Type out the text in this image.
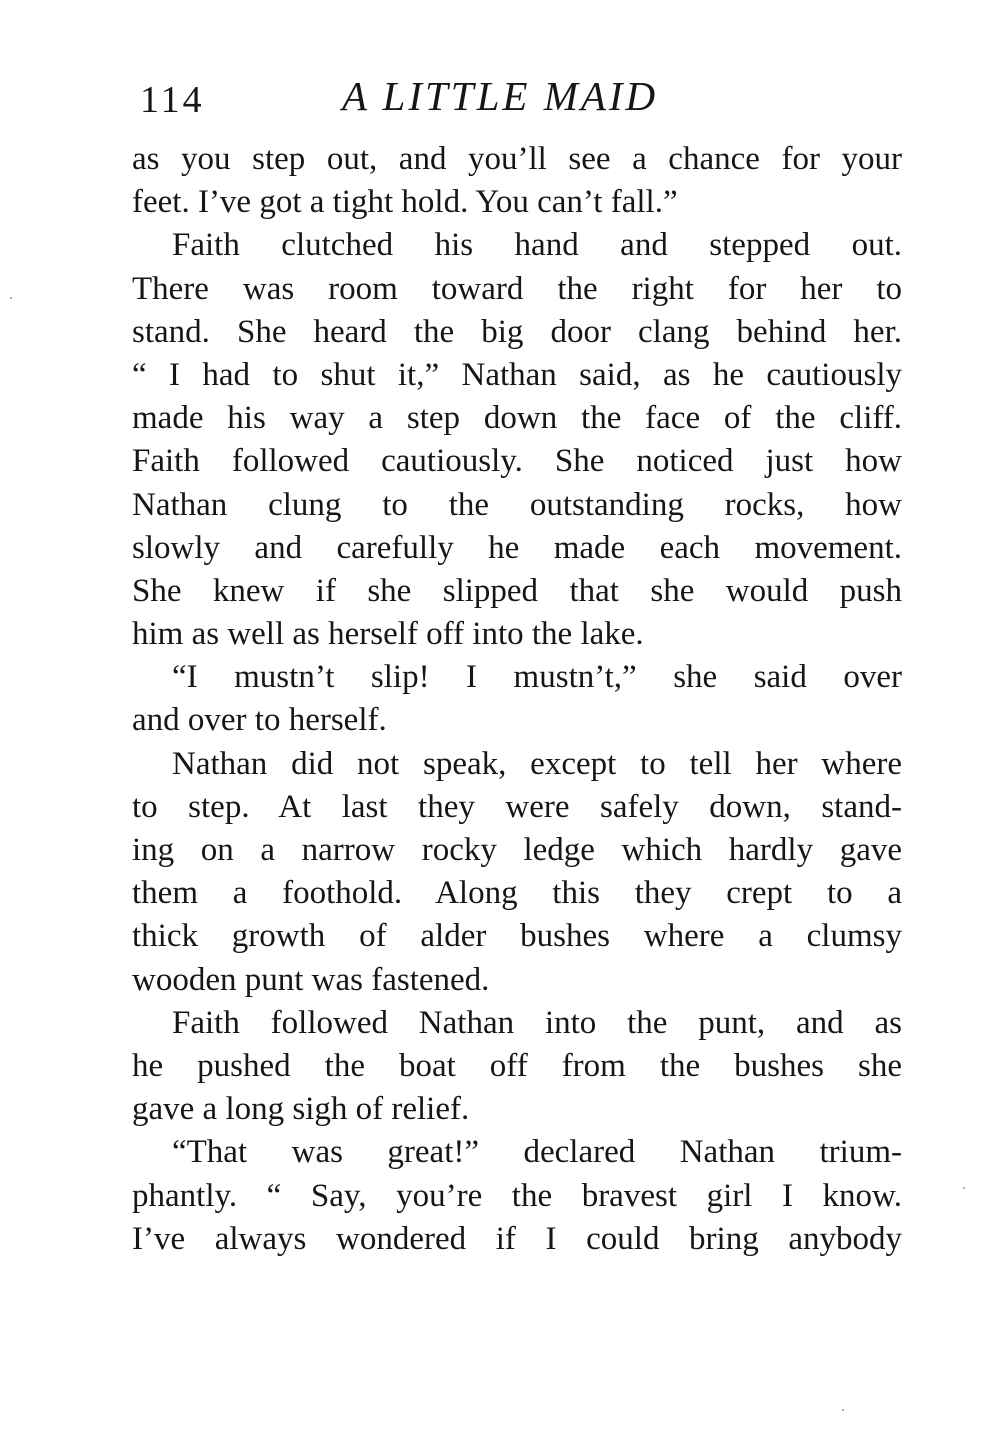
114	A LITTLE MAID
as you step out, and you’ll see a chance for your
feet. I’ve got a tight hold. You can’t fall.”
Faith clutched his hand and stepped out.
There was room toward the right for her to
stand. She heard the big door clang behind her.
“ I had to shut it,” Nathan said, as he cautiously
made his way a step down the face of the cliff.
Faith followed cautiously. She noticed just how
Nathan clung to the outstanding rocks, how
slowly and carefully he made each movement.
She knew if she slipped that she would push
him as well as herself off into the lake.
“I mustn’t slip! I mustn’t,” she said over
and over to herself.
Nathan did not speak, except to tell her where
to step. At last they were safely down, stand-
ing on a narrow rocky ledge which hardly gave
them a foothold. Along this they crept to a
thick growth of alder bushes where a clumsy
wooden punt was fastened.
Faith followed Nathan into the punt, and as
he pushed the boat off from the bushes she
gave a long sigh of relief.
“That was great!” declared Nathan trium-
phantly. “ Say, you’re the bravest girl I know.
I’ve always wondered if I could bring anybody
